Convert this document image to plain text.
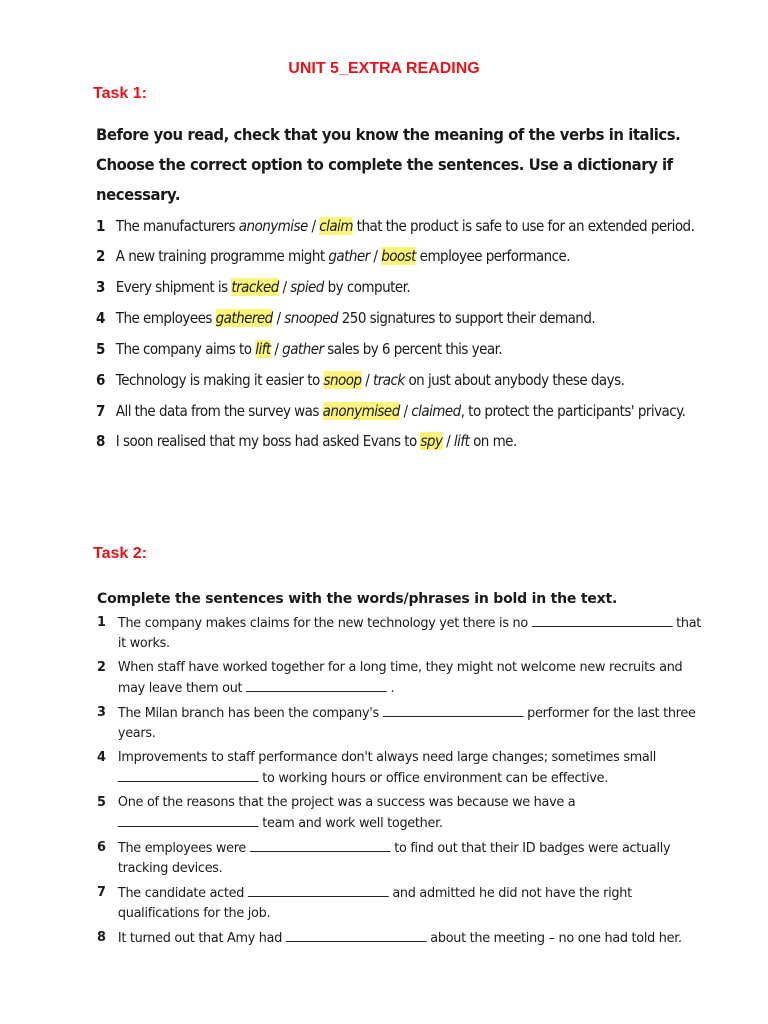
UNIT 5_EXTRA READING
Task 1:
Before you read, check that you know the meaning of the verbs in italics. Choose the correct option to complete the sentences. Use a dictionary if necessary.
1 The manufacturers anonymise / claim that the product is safe to use for an extended period.
2 A new training programme might gather / boost employee performance.
3 Every shipment is tracked / spied by computer.
4 The employees gathered / snooped 250 signatures to support their demand.
5 The company aims to lift / gather sales by 6 percent this year.
6 Technology is making it easier to snoop / track on just about anybody these days.
7 All the data from the survey was anonymised / claimed, to protect the participants' privacy.
8 I soon realised that my boss had asked Evans to spy / lift on me.
Task 2:
Complete the sentences with the words/phrases in bold in the text.
1 The company makes claims for the new technology yet there is no	that it works.
2 When staff have worked together for a long time, they might not welcome new recruits and may leave them out	.
3 The Milan branch has been the company's	performer for the last three years.
4 Improvements to staff performance don't always need large changes; sometimes small  to working hours or office environment can be effective.
5 One of the reasons that the project was a success was because we have a  team and work well together.
6 The employees were	to find out that their ID badges were actually tracking devices.
7 The candidate acted	and admitted he did not have the right qualifications for the job.
8 It turned out that Amy had	about the meeting – no one had told her.
